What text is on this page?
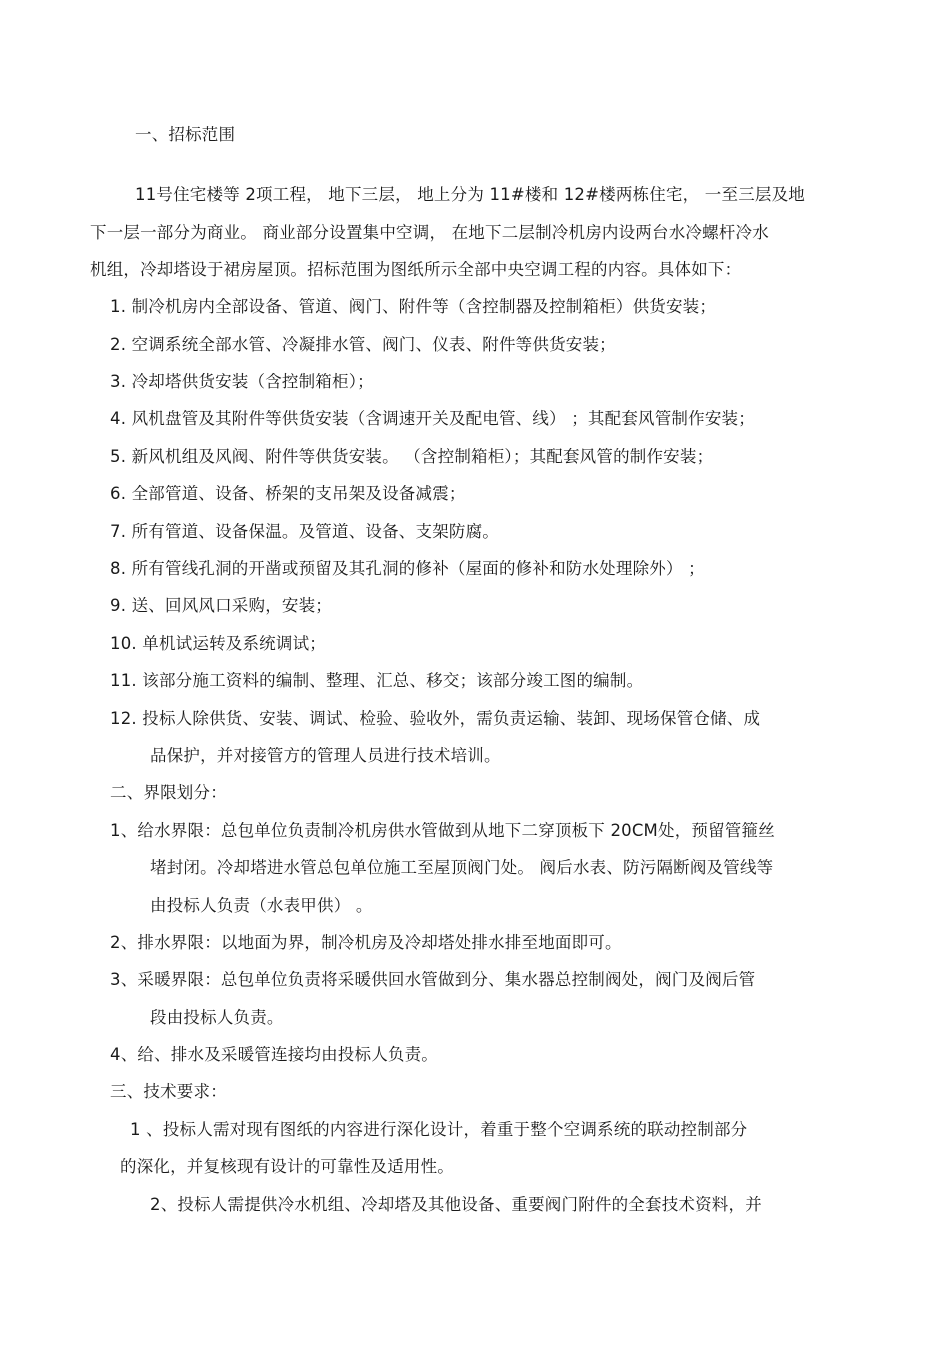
一、招标范围
11号住宅楼等 2项工程， 地下三层， 地上分为 11#楼和 12#楼两栋住宅， 一至三层及地
下一层一部分为商业。 商业部分设置集中空调， 在地下二层制冷机房内设两台水冷螺杆冷水
机组，冷却塔设于裙房屋顶。招标范围为图纸所示全部中央空调工程的内容。具体如下：
1. 制冷机房内全部设备、管道、阀门、附件等（含控制器及控制箱柜）供货安装；
2. 空调系统全部水管、冷凝排水管、阀门、仪表、附件等供货安装；
3. 冷却塔供货安装（含控制箱柜）；
4. 风机盘管及其附件等供货安装（含调速开关及配电管、线） ；其配套风管制作安装；
5. 新风机组及风阀、附件等供货安装。 （含控制箱柜）；其配套风管的制作安装；
6. 全部管道、设备、桥架的支吊架及设备减震；
7. 所有管道、设备保温。及管道、设备、支架防腐。
8. 所有管线孔洞的开凿或预留及其孔洞的修补（屋面的修补和防水处理除外） ；
9. 送、回风风口采购，安装；
10. 单机试运转及系统调试；
11. 该部分施工资料的编制、整理、汇总、移交；该部分竣工图的编制。
12. 投标人除供货、安装、调试、检验、验收外，需负责运输、装卸、现场保管仓储、成
品保护，并对接管方的管理人员进行技术培训。
二、界限划分：
1、给水界限：总包单位负责制冷机房供水管做到从地下二穿顶板下 20CM处，预留管箍丝
堵封闭。冷却塔进水管总包单位施工至屋顶阀门处。 阀后水表、防污隔断阀及管线等
由投标人负责（水表甲供） 。
2、排水界限：以地面为界，制冷机房及冷却塔处排水排至地面即可。
3、采暖界限：总包单位负责将采暖供回水管做到分、集水器总控制阀处，阀门及阀后管
段由投标人负责。
4、给、排水及采暖管连接均由投标人负责。
三、技术要求：
1 、投标人需对现有图纸的内容进行深化设计，着重于整个空调系统的联动控制部分
的深化，并复核现有设计的可靠性及适用性。
2、投标人需提供冷水机组、冷却塔及其他设备、重要阀门附件的全套技术资料，并
